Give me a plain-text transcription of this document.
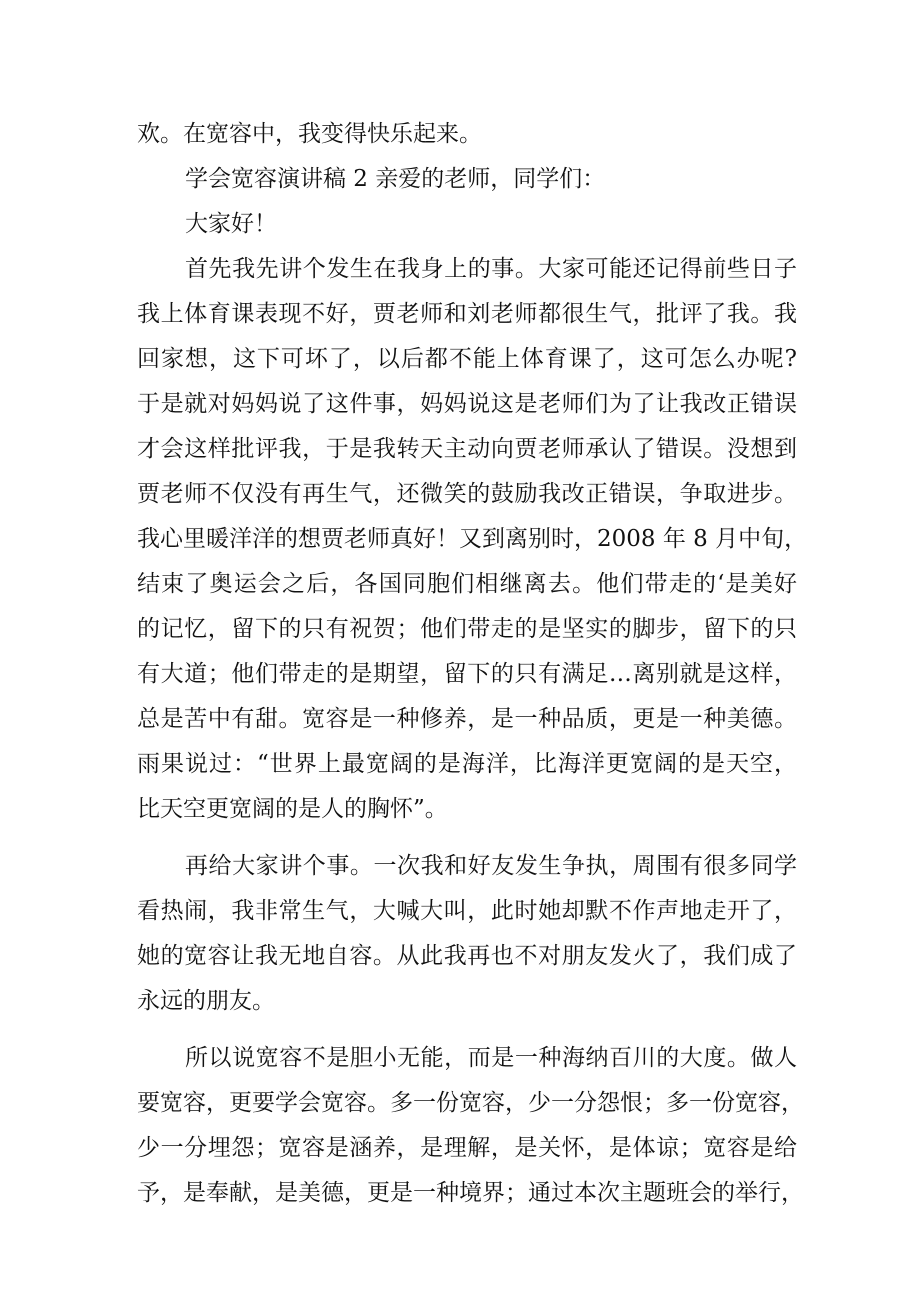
欢。在宽容中，我变得快乐起来。
学会宽容演讲稿 2 亲爱的老师，同学们：
大家好！
首先我先讲个发生在我身上的事。大家可能还记得前些日子
我上体育课表现不好，贾老师和刘老师都很生气，批评了我。我
回家想，这下可坏了，以后都不能上体育课了，这可怎么办呢?
于是就对妈妈说了这件事，妈妈说这是老师们为了让我改正错误
才会这样批评我，于是我转天主动向贾老师承认了错误。没想到
贾老师不仅没有再生气，还微笑的鼓励我改正错误，争取进步。
我心里暖洋洋的想贾老师真好！又到离别时，2008 年 8 月中旬，
结束了奥运会之后，各国同胞们相继离去。他们带走的‘是美好
的记忆，留下的只有祝贺；他们带走的是坚实的脚步，留下的只
有大道；他们带走的是期望，留下的只有满足…离别就是这样，
总是苦中有甜。宽容是一种修养，是一种品质，更是一种美德。
雨果说过：“世界上最宽阔的是海洋，比海洋更宽阔的是天空，
比天空更宽阔的是人的胸怀”。
再给大家讲个事。一次我和好友发生争执，周围有很多同学
看热闹，我非常生气，大喊大叫，此时她却默不作声地走开了，
她的宽容让我无地自容。从此我再也不对朋友发火了，我们成了
永远的朋友。
所以说宽容不是胆小无能，而是一种海纳百川的大度。做人
要宽容，更要学会宽容。多一份宽容，少一分怨恨；多一份宽容，
少一分埋怨；宽容是涵养，是理解，是关怀，是体谅；宽容是给
予，是奉献，是美德，更是一种境界；通过本次主题班会的举行，
